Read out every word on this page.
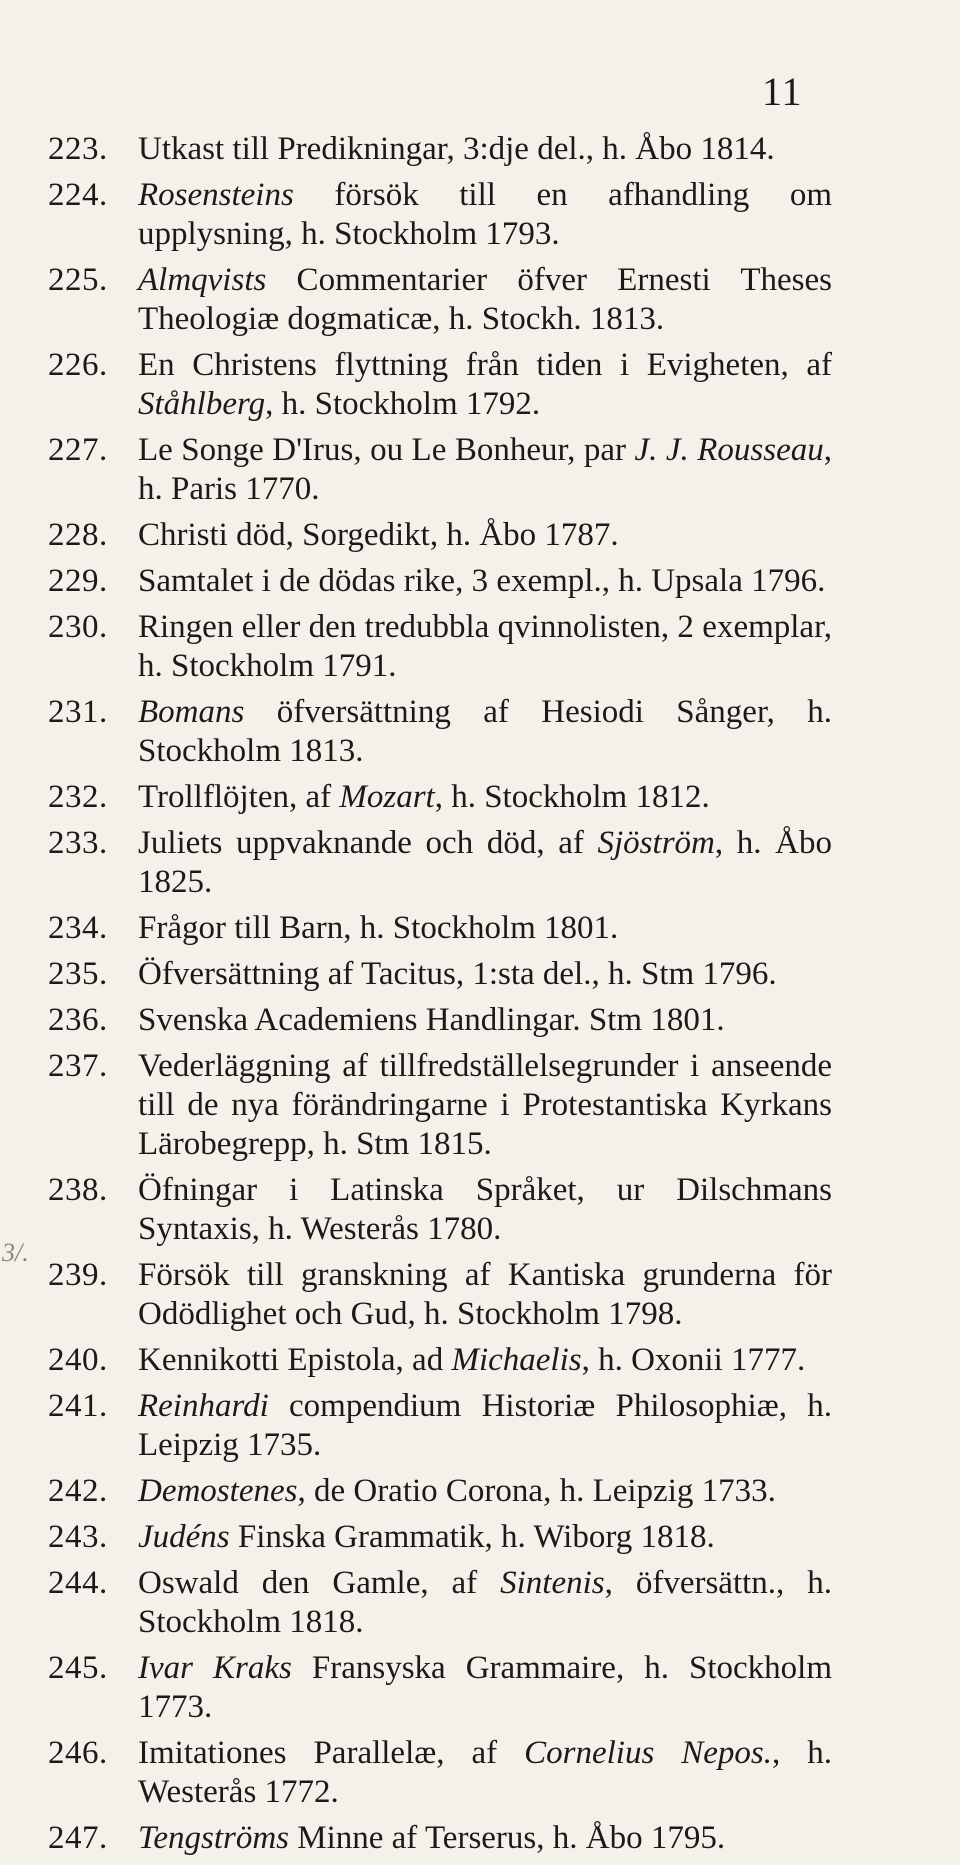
11
3/.
223. Utkast till Predikningar, 3:dje del., h. Åbo 1814.
224. Rosensteins försök till en afhandling om upplysning, h. Stockholm 1793.
225. Almqvists Commentarier öfver Ernesti Theses Theologiæ dogmaticæ, h. Stockh. 1813.
226. En Christens flyttning från tiden i Evigheten, af Ståhlberg, h. Stockholm 1792.
227. Le Songe D'Irus, ou Le Bonheur, par J. J. Rousseau, h. Paris 1770.
228. Christi död, Sorgedikt, h. Åbo 1787.
229. Samtalet i de dödas rike, 3 exempl., h. Upsala 1796.
230. Ringen eller den tredubbla qvinnolisten, 2 exemplar, h. Stockholm 1791.
231. Bomans öfversättning af Hesiodi Sånger, h. Stockholm 1813.
232. Trollflöjten, af Mozart, h. Stockholm 1812.
233. Juliets uppvaknande och död, af Sjöström, h. Åbo 1825.
234. Frågor till Barn, h. Stockholm 1801.
235. Öfversättning af Tacitus, 1:sta del., h. Stm 1796.
236. Svenska Academiens Handlingar. Stm 1801.
237. Vederläggning af tillfredställelsegrunder i anseende till de nya förändringarne i Protestantiska Kyrkans Lärobegrepp, h. Stm 1815.
238. Öfningar i Latinska Språket, ur Dilschmans Syntaxis, h. Westerås 1780.
239. Försök till granskning af Kantiska grunderna för Odödlighet och Gud, h. Stockholm 1798.
240. Kennikotti Epistola, ad Michaelis, h. Oxonii 1777.
241. Reinhardi compendium Historiæ Philosophiæ, h. Leipzig 1735.
242. Demostenes, de Oratio Corona, h. Leipzig 1733.
243. Judéns Finska Grammatik, h. Wiborg 1818.
244. Oswald den Gamle, af Sintenis, öfversättn., h. Stockholm 1818.
245. Ivar Kraks Fransyska Grammaire, h. Stockholm 1773.
246. Imitationes Parallelæ, af Cornelius Nepos., h. Westerås 1772.
247. Tengströms Minne af Terserus, h. Åbo 1795.
